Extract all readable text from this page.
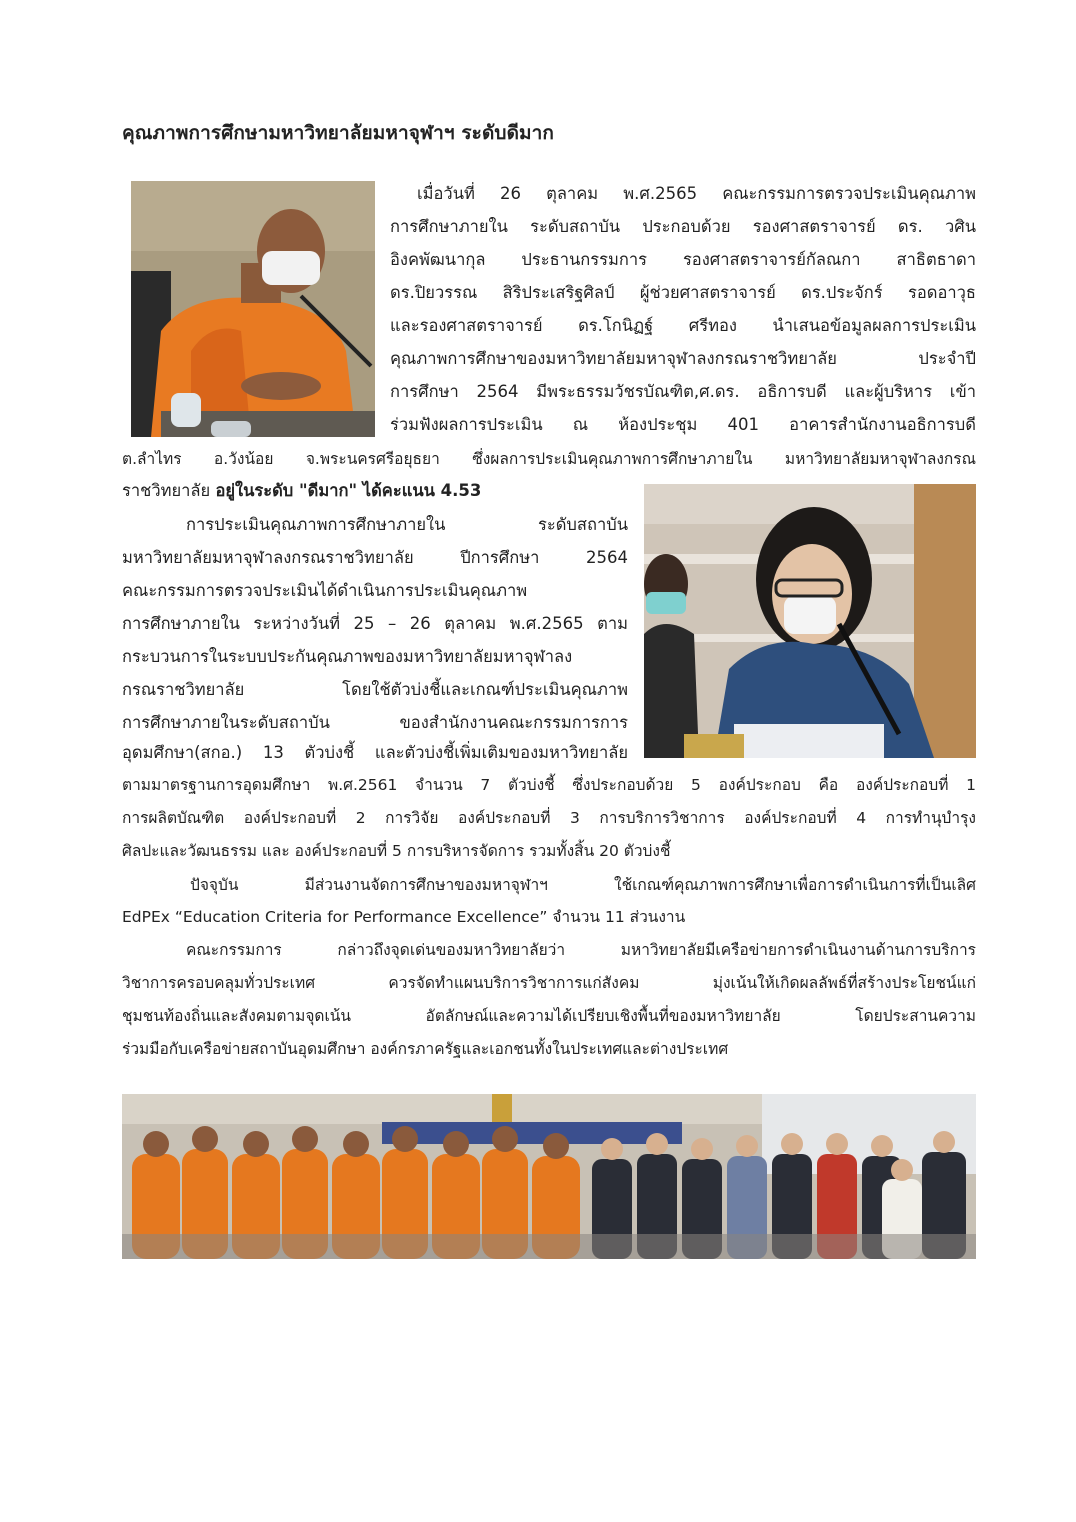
คุณภาพการศึกษามหาวิทยาลัยมหาจุฬาฯ ระดับดีมาก
เมื่อวันที่ 26 ตุลาคม พ.ศ.2565 คณะกรรมการตรวจประเมินคุณภาพ
การศึกษาภายใน ระดับสถาบัน ประกอบด้วย รองศาสตราจารย์ ดร. วศิน
อิงคพัฒนากุล ประธานกรรมการ รองศาสตราจารย์กัลณกา สาธิตธาดา
ดร.ปิยวรรณ สิริประเสริฐศิลป์ ผู้ช่วยศาสตราจารย์ ดร.ประจักร์ รอดอาวุธ
และรองศาสตราจารย์ ดร.โกนิฏฐ์ ศรีทอง นำเสนอข้อมูลผลการประเมิน
คุณภาพการศึกษาของมหาวิทยาลัยมหาจุฬาลงกรณราชวิทยาลัย ประจำปี
การศึกษา 2564 มีพระธรรมวัชรบัณฑิต,ศ.ดร. อธิการบดี และผู้บริหาร เข้า
ร่วมฟังผลการประเมิน ณ ห้องประชุม 401 อาคารสำนักงานอธิการบดี
ต.ลำไทร อ.วังน้อย จ.พระนครศรีอยุธยา ซึ่งผลการประเมินคุณภาพการศึกษาภายใน มหาวิทยาลัยมหาจุฬาลงกรณ
ราชวิทยาลัย อยู่ในระดับ "ดีมาก" ได้คะแนน 4.53
การประเมินคุณภาพการศึกษาภายใน ระดับสถาบัน
มหาวิทยาลัยมหาจุฬาลงกรณราชวิทยาลัย ปีการศึกษา 2564
คณะกรรมการตรวจประเมินได้ดำเนินการประเมินคุณภาพ
การศึกษาภายใน ระหว่างวันที่ 25 – 26 ตุลาคม พ.ศ.2565 ตาม
กระบวนการในระบบประกันคุณภาพของมหาวิทยาลัยมหาจุฬาลง
กรณราชวิทยาลัย โดยใช้ตัวบ่งชี้และเกณฑ์ประเมินคุณภาพ
การศึกษาภายในระดับสถาบัน ของสำนักงานคณะกรรมการการ
อุดมศึกษา(สกอ.) 13 ตัวบ่งชี้ และตัวบ่งชี้เพิ่มเติมของมหาวิทยาลัย
ตามมาตรฐานการอุดมศึกษา พ.ศ.2561 จำนวน 7 ตัวบ่งชี้ ซึ่งประกอบด้วย 5 องค์ประกอบ คือ องค์ประกอบที่ 1
การผลิตบัณฑิต องค์ประกอบที่ 2 การวิจัย องค์ประกอบที่ 3 การบริการวิชาการ องค์ประกอบที่ 4 การทำนุบำรุง
ศิลปะและวัฒนธรรม และ องค์ประกอบที่ 5 การบริหารจัดการ รวมทั้งสิ้น 20 ตัวบ่งชี้
ปัจจุบัน มีส่วนงานจัดการศึกษาของมหาจุฬาฯ ใช้เกณฑ์คุณภาพการศึกษาเพื่อการดำเนินการที่เป็นเลิศ
EdPEx “Education Criteria for Performance Excellence” จำนวน 11 ส่วนงาน
คณะกรรมการ กล่าวถึงจุดเด่นของมหาวิทยาลัยว่า มหาวิทยาลัยมีเครือข่ายการดำเนินงานด้านการบริการ
วิชาการครอบคลุมทั่วประเทศ ควรจัดทำแผนบริการวิชาการแก่สังคม มุ่งเน้นให้เกิดผลลัพธ์ที่สร้างประโยชน์แก่
ชุมชนท้องถิ่นและสังคมตามจุดเน้น อัตลักษณ์และความได้เปรียบเชิงพื้นที่ของมหาวิทยาลัย โดยประสานความ
ร่วมมือกับเครือข่ายสถาบันอุดมศึกษา องค์กรภาครัฐและเอกชนทั้งในประเทศและต่างประเทศ
